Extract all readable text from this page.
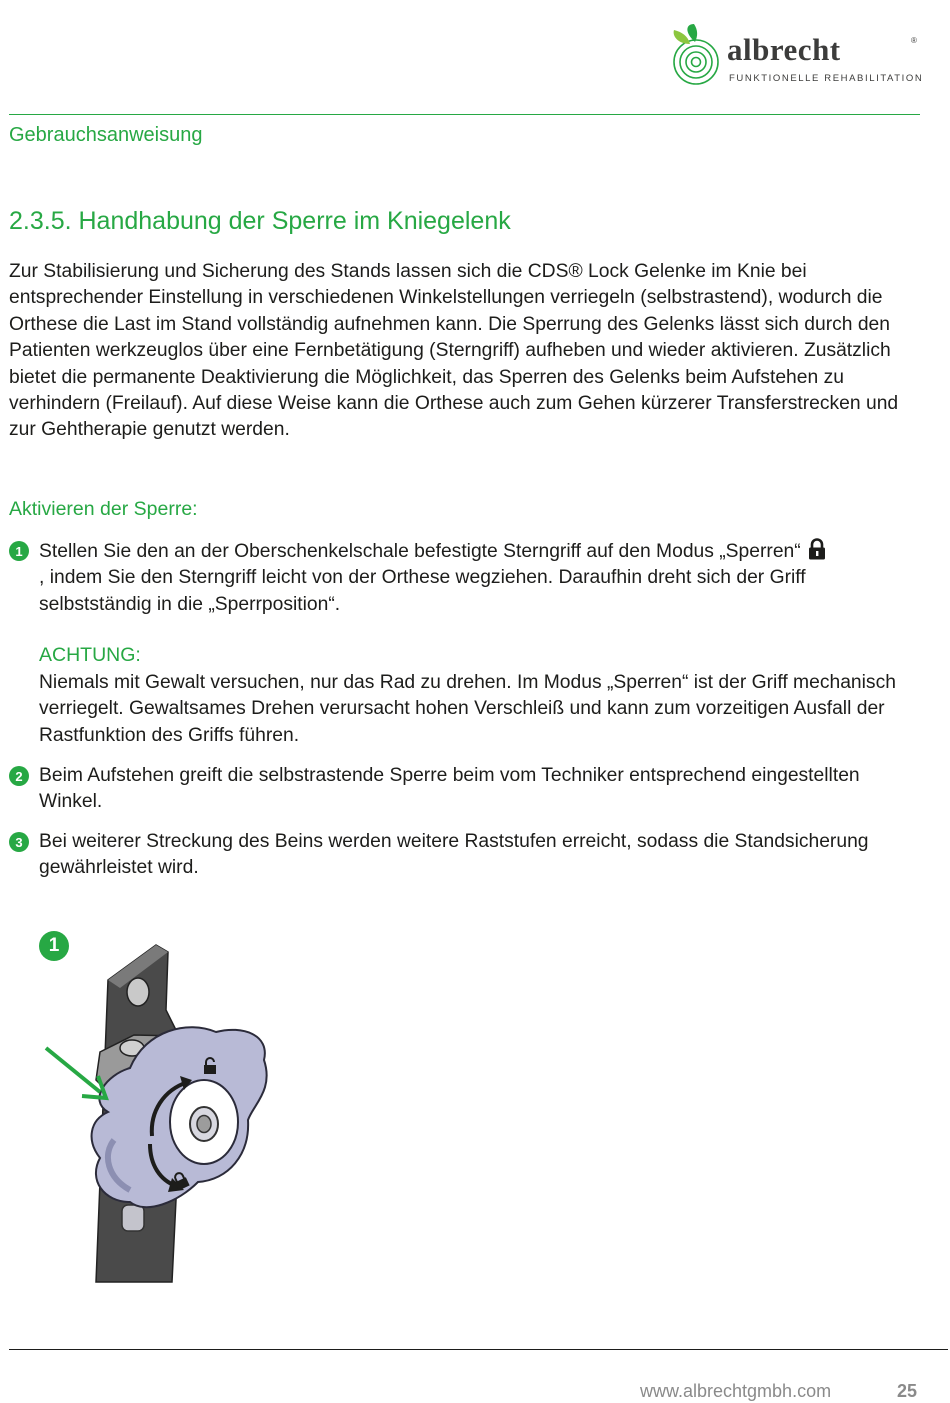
albrecht	®
FUNKTIONELLE REHABILITATION
Gebrauchsanweisung
2.3.5. Handhabung der Sperre im Kniegelenk
Zur Stabilisierung und Sicherung des Stands lassen sich die CDS® Lock Gelenke im Knie bei entsprechender Einstellung in verschiedenen Winkelstellungen verriegeln (selbstrastend), wodurch die Orthese die Last im Stand vollständig aufnehmen kann. Die Sperrung des Gelenks lässt sich durch den Patienten werkzeuglos über eine Fernbetätigung (Sterngriff) aufheben und wieder aktivieren. Zusätzlich bietet die permanente Deaktivierung die Möglichkeit, das Sperren des Gelenks beim Aufstehen zu verhindern (Freilauf). Auf diese Weise kann die Orthese auch zum Gehen kürzerer Transferstrecken und zur Gehtherapie genutzt werden.
Aktivieren der Sperre:
1 Stellen Sie den an der Oberschenkelschale befestigte Sterngriff auf den Modus „Sperren“
, indem Sie den Sterngriff leicht von der Orthese wegziehen. Daraufhin dreht sich der Griff selbstständig in die „Sperrposition“.
ACHTUNG:
Niemals mit Gewalt versuchen, nur das Rad zu drehen. Im Modus „Sperren“ ist der Griff mechanisch verriegelt. Gewaltsames Drehen verursacht hohen Verschleiß und kann zum vorzeitigen Ausfall der Rastfunktion des Griffs führen.
2 Beim Aufstehen greift die selbstrastende Sperre beim vom Techniker entsprechend eingestellten Winkel.
3 Bei weiterer Streckung des Beins werden weitere Raststufen erreicht, sodass die Standsicherung gewährleistet wird.
1
www.albrechtgmbh.com	25
